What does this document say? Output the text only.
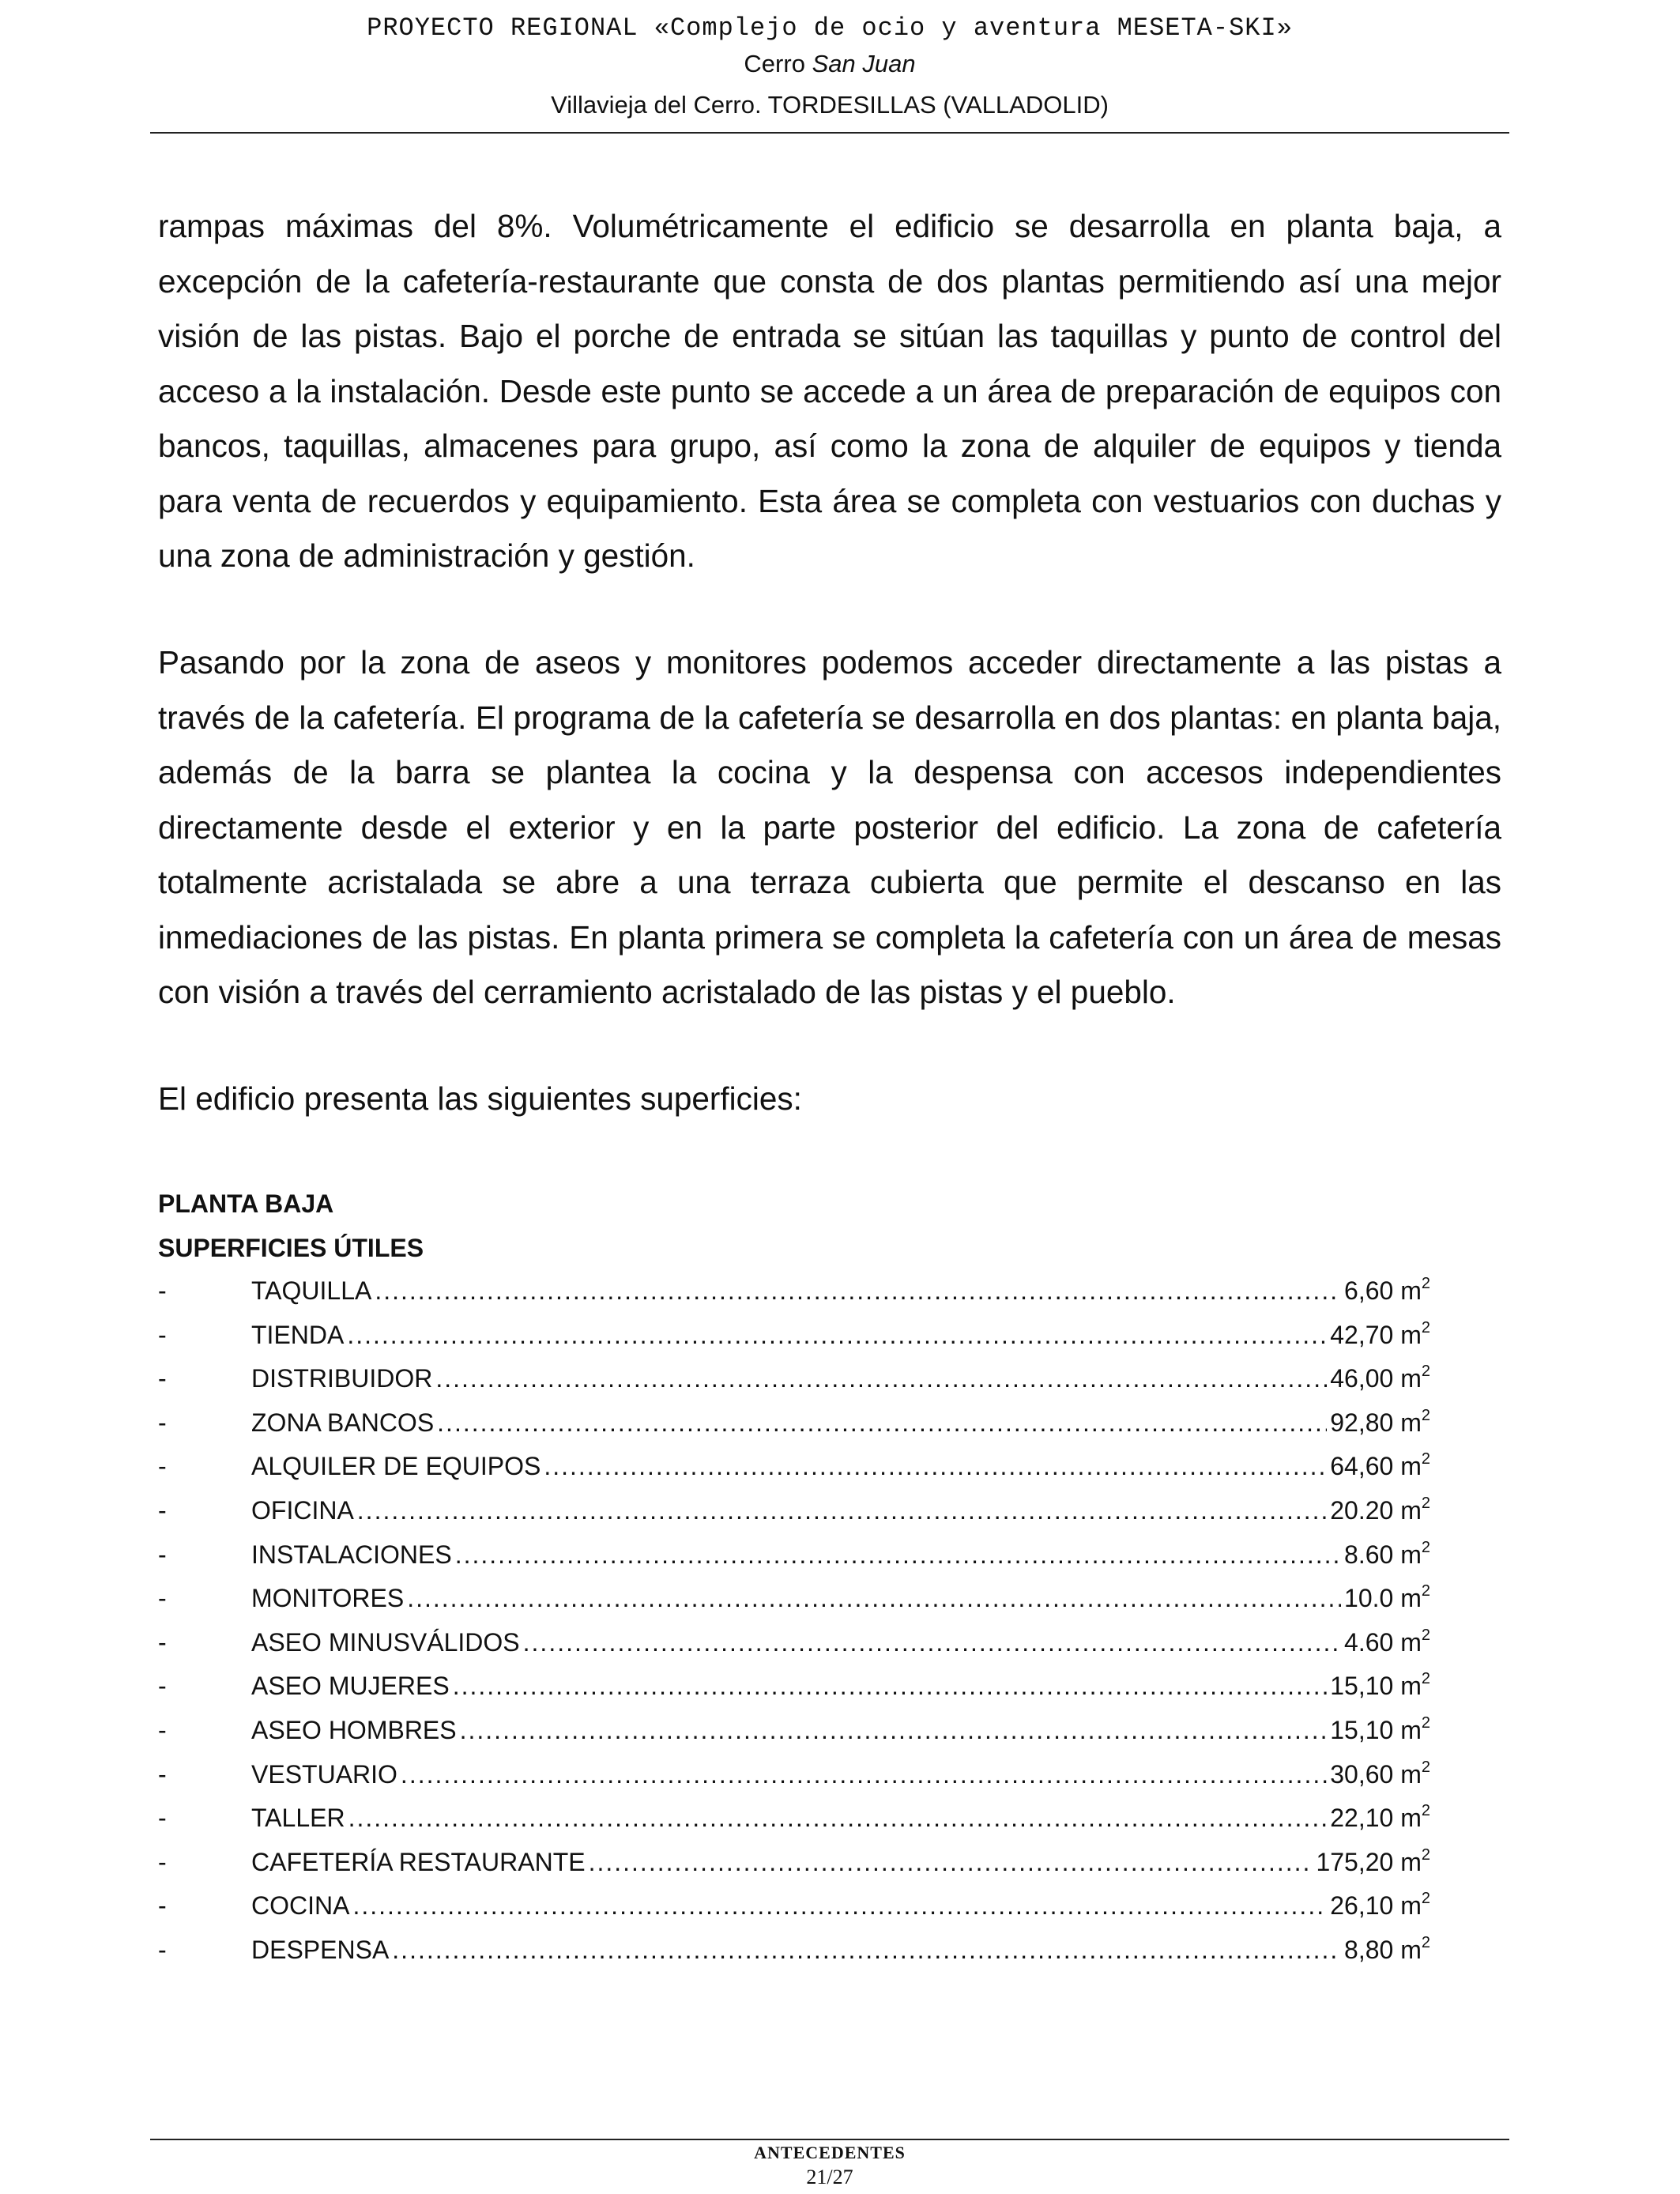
PROYECTO REGIONAL «Complejo de ocio y aventura MESETA-SKI»
Cerro San Juan
Villavieja del Cerro. TORDESILLAS (VALLADOLID)
rampas máximas del 8%. Volumétricamente el edificio se desarrolla en planta baja, a excepción de la cafetería-restaurante que consta de dos plantas permitiendo así una mejor visión de las pistas. Bajo el porche de entrada se sitúan las taquillas y punto de control del acceso a la instalación. Desde este punto se accede a un área de preparación de equipos con bancos, taquillas, almacenes para grupo, así como la zona de alquiler de equipos y tienda para venta de recuerdos y equipamiento. Esta área se completa con vestuarios con duchas y una zona de administración y gestión.
Pasando por la zona de aseos y monitores podemos acceder directamente a las pistas a través de la cafetería. El programa de la cafetería se desarrolla en dos plantas: en planta baja, además de la barra se plantea la cocina y la despensa con accesos independientes directamente desde el exterior y en la parte posterior del edificio. La zona de cafetería totalmente acristalada se abre a una terraza cubierta que permite el descanso en las inmediaciones de las pistas. En planta primera se completa la cafetería con un área de mesas con visión a través del cerramiento acristalado de las pistas y el pueblo.
El edificio presenta las siguientes superficies:
PLANTA BAJA
SUPERFICIES ÚTILES
-	TAQUILLA .....	6,60 $m^2$
-	TIENDA .....	42,70 $m^2$
-	DISTRIBUIDOR .....	46,00 $m^2$
-	ZONA BANCOS .....	92,80 $m^2$
-	ALQUILER DE EQUIPOS .....	64,60 $m^2$
-	OFICINA .....	20.20 $m^2$
-	INSTALACIONES .....	8.60 $m^2$
-	MONITORES .....	10.0 $m^2$
-	ASEO MINUSVÁLIDOS .....	4.60 $m^2$
-	ASEO MUJERES .....	15,10 $m^2$
-	ASEO HOMBRES .....	15,10 $m^2$
-	VESTUARIO .....	30,60 $m^2$
-	TALLER .....	22,10 $m^2$
-	CAFETERÍA RESTAURANTE .....	175,20 $m^2$
-	COCINA .....	26,10 $m^2$
-	DESPENSA .....	8,80 $m^2$
ANTECEDENTES
21/27
